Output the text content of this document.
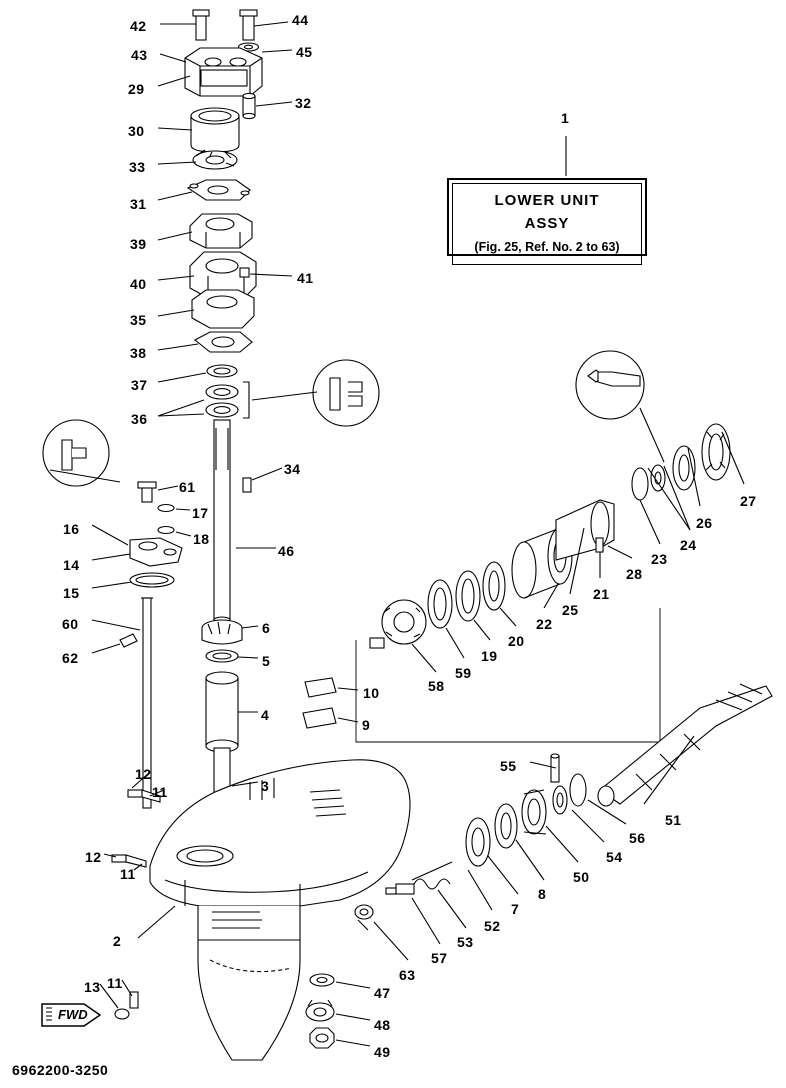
LOWER UNIT
ASSY
(Fig. 25, Ref. No. 2 to 63)
1
FWD
6962200-3250
42	44
43	45
29
32
30
33
31
39
40	41
35
38
37
36
61
34
17
16
18
14
46
15
60
62
6
5
10
9
4
3
12
11
12
11
2
13 11
27
26
24
23
28
21
25
22
20
19
59
58
55
51
56
54
50
8
7
52
53
57
63
47
48
49
